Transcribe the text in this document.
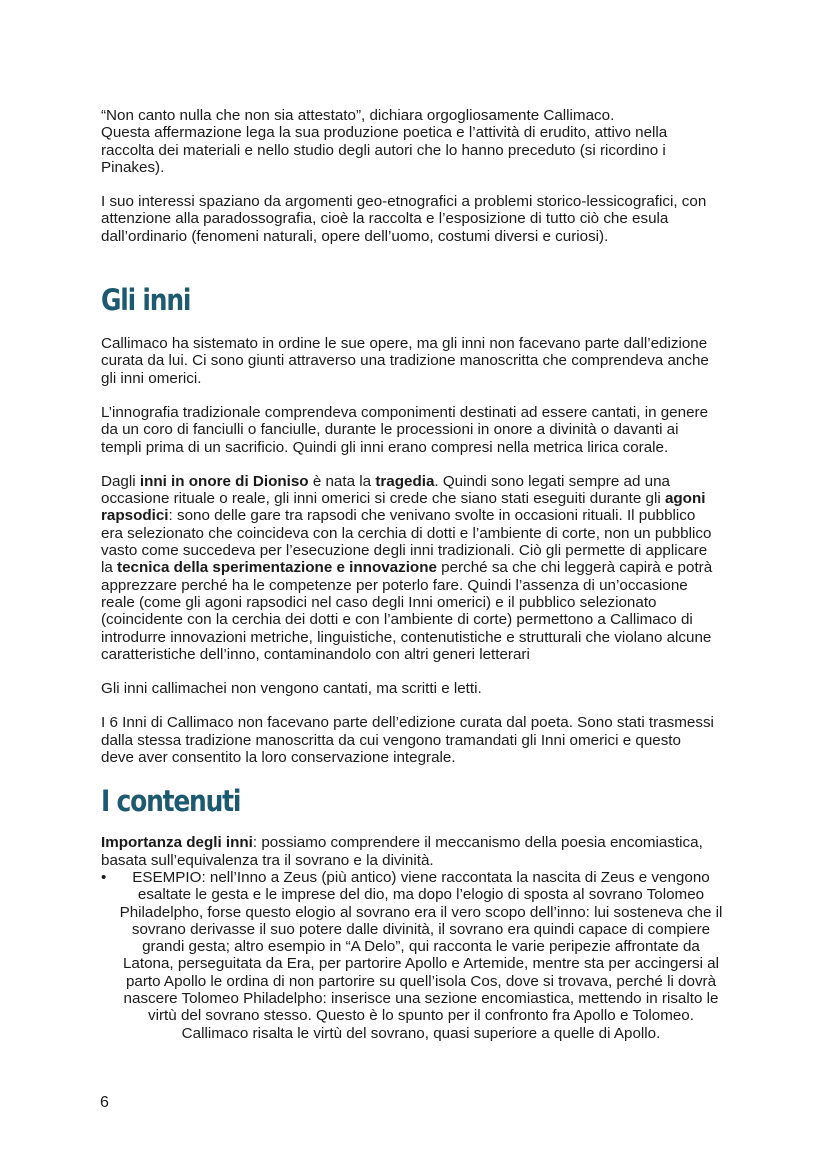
“Non canto nulla che non sia attestato”, dichiara orgogliosamente Callimaco.
Questa affermazione lega la sua produzione poetica e l’attività di erudito, attivo nella
raccolta dei materiali e nello studio degli autori che lo hanno preceduto (si ricordino i
Pinakes).

I suo interessi spaziano da argomenti geo-etnografici a problemi storico-lessicografici, con
attenzione alla paradossografia, cioè la raccolta e l’esposizione di tutto ciò che esula
dall’ordinario (fenomeni naturali, opere dell’uomo, costumi diversi e curiosi).

Gli inni

Callimaco ha sistemato in ordine le sue opere, ma gli inni non facevano parte dall’edizione
curata da lui. Ci sono giunti attraverso una tradizione manoscritta che comprendeva anche
gli inni omerici.

L’innografia tradizionale comprendeva componimenti destinati ad essere cantati, in genere
da un coro di fanciulli o fanciulle, durante le processioni in onore a divinità o davanti ai
templi prima di un sacrificio. Quindi gli inni erano compresi nella metrica lirica corale.

Dagli inni in onore di Dioniso è nata la tragedia. Quindi sono legati sempre ad una
occasione rituale o reale, gli inni omerici si crede che siano stati eseguiti durante gli agoni
rapsodici: sono delle gare tra rapsodi che venivano svolte in occasioni rituali. Il pubblico
era selezionato che coincideva con la cerchia di dotti e l’ambiente di corte, non un pubblico
vasto come succedeva per l’esecuzione degli inni tradizionali. Ciò gli permette di applicare
la tecnica della sperimentazione e innovazione perché sa che chi leggerà capirà e potrà
apprezzare perché ha le competenze per poterlo fare. Quindi l’assenza di un’occasione
reale (come gli agoni rapsodici nel caso degli Inni omerici) e il pubblico selezionato
(coincidente con la cerchia dei dotti e con l’ambiente di corte) permettono a Callimaco di
introdurre innovazioni metriche, linguistiche, contenutistiche e strutturali che violano alcune
caratteristiche dell’inno, contaminandolo con altri generi letterari

Gli inni callimachei non vengono cantati, ma scritti e letti.

I 6 Inni di Callimaco non facevano parte dell’edizione curata dal poeta. Sono stati trasmessi
dalla stessa tradizione manoscritta da cui vengono tramandati gli Inni omerici e questo
deve aver consentito la loro conservazione integrale.

I contenuti

Importanza degli inni: possiamo comprendere il meccanismo della poesia encomiastica,
basata sull’equivalenza tra il sovrano e la divinità.

• ESEMPIO: nell’Inno a Zeus (più antico) viene raccontata la nascita di Zeus e vengono
esaltate le gesta e le imprese del dio, ma dopo l’elogio di sposta al sovrano Tolomeo
Philadelpho, forse questo elogio al sovrano era il vero scopo dell’inno: lui sosteneva che il
sovrano derivasse il suo potere dalle divinità, il sovrano era quindi capace di compiere
grandi gesta; altro esempio in “A Delo”, qui racconta le varie peripezie affrontate da
Latona, perseguitata da Era, per partorire Apollo e Artemide, mentre sta per accingersi al
parto Apollo le ordina di non partorire su quell’isola Cos, dove si trovava, perché li dovrà
nascere Tolomeo Philadelpho: inserisce una sezione encomiastica, mettendo in risalto le
virtù del sovrano stesso. Questo è lo spunto per il confronto fra Apollo e Tolomeo.
Callimaco risalta le virtù del sovrano, quasi superiore a quelle di Apollo.
6
